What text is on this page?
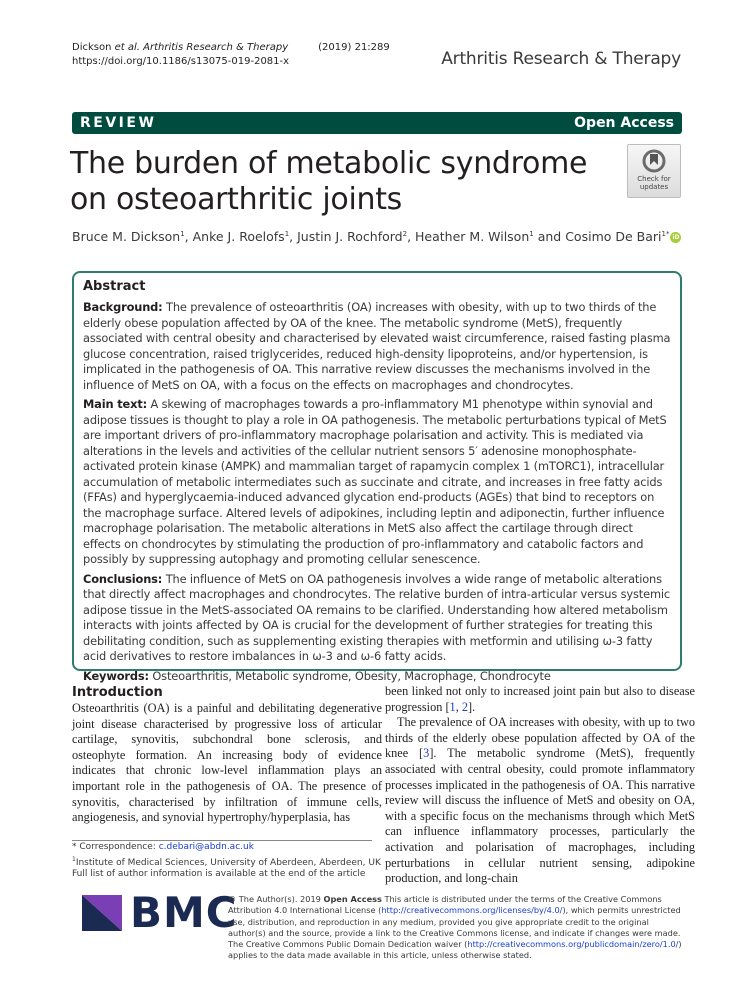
Dickson et al. Arthritis Research & Therapy	(2019) 21:289
https://doi.org/10.1186/s13075-019-2081-x	Arthritis Research & Therapy
REVIEW	Open Access
The burden of metabolic syndrome on osteoarthritic joints
Check for
updates
Bruce M. Dickson$^1$, Anke J. Roelofs$^1$, Justin J. Rochford$^2$, Heather M. Wilson$^1$ and Cosimo De Bari$^{1*}$ iD
Abstract

Background: The prevalence of osteoarthritis (OA) increases with obesity, with up to two thirds of the elderly obese population affected by OA of the knee. The metabolic syndrome (MetS), frequently associated with central obesity and characterised by elevated waist circumference, raised fasting plasma glucose concentration, raised triglycerides, reduced high-density lipoproteins, and/or hypertension, is implicated in the pathogenesis of OA. This narrative review discusses the mechanisms involved in the influence of MetS on OA, with a focus on the effects on macrophages and chondrocytes.

Main text: A skewing of macrophages towards a pro-inflammatory M1 phenotype within synovial and adipose tissues is thought to play a role in OA pathogenesis. The metabolic perturbations typical of MetS are important drivers of pro-inflammatory macrophage polarisation and activity. This is mediated via alterations in the levels and activities of the cellular nutrient sensors 5′ adenosine monophosphate-activated protein kinase (AMPK) and mammalian target of rapamycin complex 1 (mTORC1), intracellular accumulation of metabolic intermediates such as succinate and citrate, and increases in free fatty acids (FFAs) and hyperglycaemia-induced advanced glycation end-products (AGEs) that bind to receptors on the macrophage surface. Altered levels of adipokines, including leptin and adiponectin, further influence macrophage polarisation. The metabolic alterations in MetS also affect the cartilage through direct effects on chondrocytes by stimulating the production of pro-inflammatory and catabolic factors and possibly by suppressing autophagy and promoting cellular senescence.

Conclusions: The influence of MetS on OA pathogenesis involves a wide range of metabolic alterations that directly affect macrophages and chondrocytes. The relative burden of intra-articular versus systemic adipose tissue in the MetS-associated OA remains to be clarified. Understanding how altered metabolism interacts with joints affected by OA is crucial for the development of further strategies for treating this debilitating condition, such as supplementing existing therapies with metformin and utilising ω-3 fatty acid derivatives to restore imbalances in ω-3 and ω-6 fatty acids.

Keywords: Osteoarthritis, Metabolic syndrome, Obesity, Macrophage, Chondrocyte

Introduction

Osteoarthritis (OA) is a painful and debilitating degenerative joint disease characterised by progressive loss of articular cartilage, synovitis, subchondral bone sclerosis, and osteophyte formation. An increasing body of evidence indicates that chronic low-level inflammation plays an important role in the pathogenesis of OA. The presence of synovitis, characterised by infiltration of immune cells, angiogenesis, and synovial hypertrophy/hyperplasia, has

been linked not only to increased joint pain but also to disease progression [1, 2].

The prevalence of OA increases with obesity, with up to two thirds of the elderly obese population affected by OA of the knee [3]. The metabolic syndrome (MetS), frequently associated with central obesity, could promote inflammatory processes implicated in the pathogenesis of OA. This narrative review will discuss the influence of MetS and obesity on OA, with a specific focus on the mechanisms through which MetS can influence inflammatory processes, particularly the activation and polarisation of macrophages, including perturbations in cellular nutrient sensing, adipokine production, and long-chain

* Correspondence: c.debari@abdn.ac.uk
$^1$Institute of Medical Sciences, University of Aberdeen, Aberdeen, UK
Full list of author information is available at the end of the article
BMC
© The Author(s). 2019 Open Access This article is distributed under the terms of the Creative Commons Attribution 4.0 International License (http://creativecommons.org/licenses/by/4.0/), which permits unrestricted use, distribution, and reproduction in any medium, provided you give appropriate credit to the original author(s) and the source, provide a link to the Creative Commons license, and indicate if changes were made. The Creative Commons Public Domain Dedication waiver (http://creativecommons.org/publicdomain/zero/1.0/) applies to the data made available in this article, unless otherwise stated.
